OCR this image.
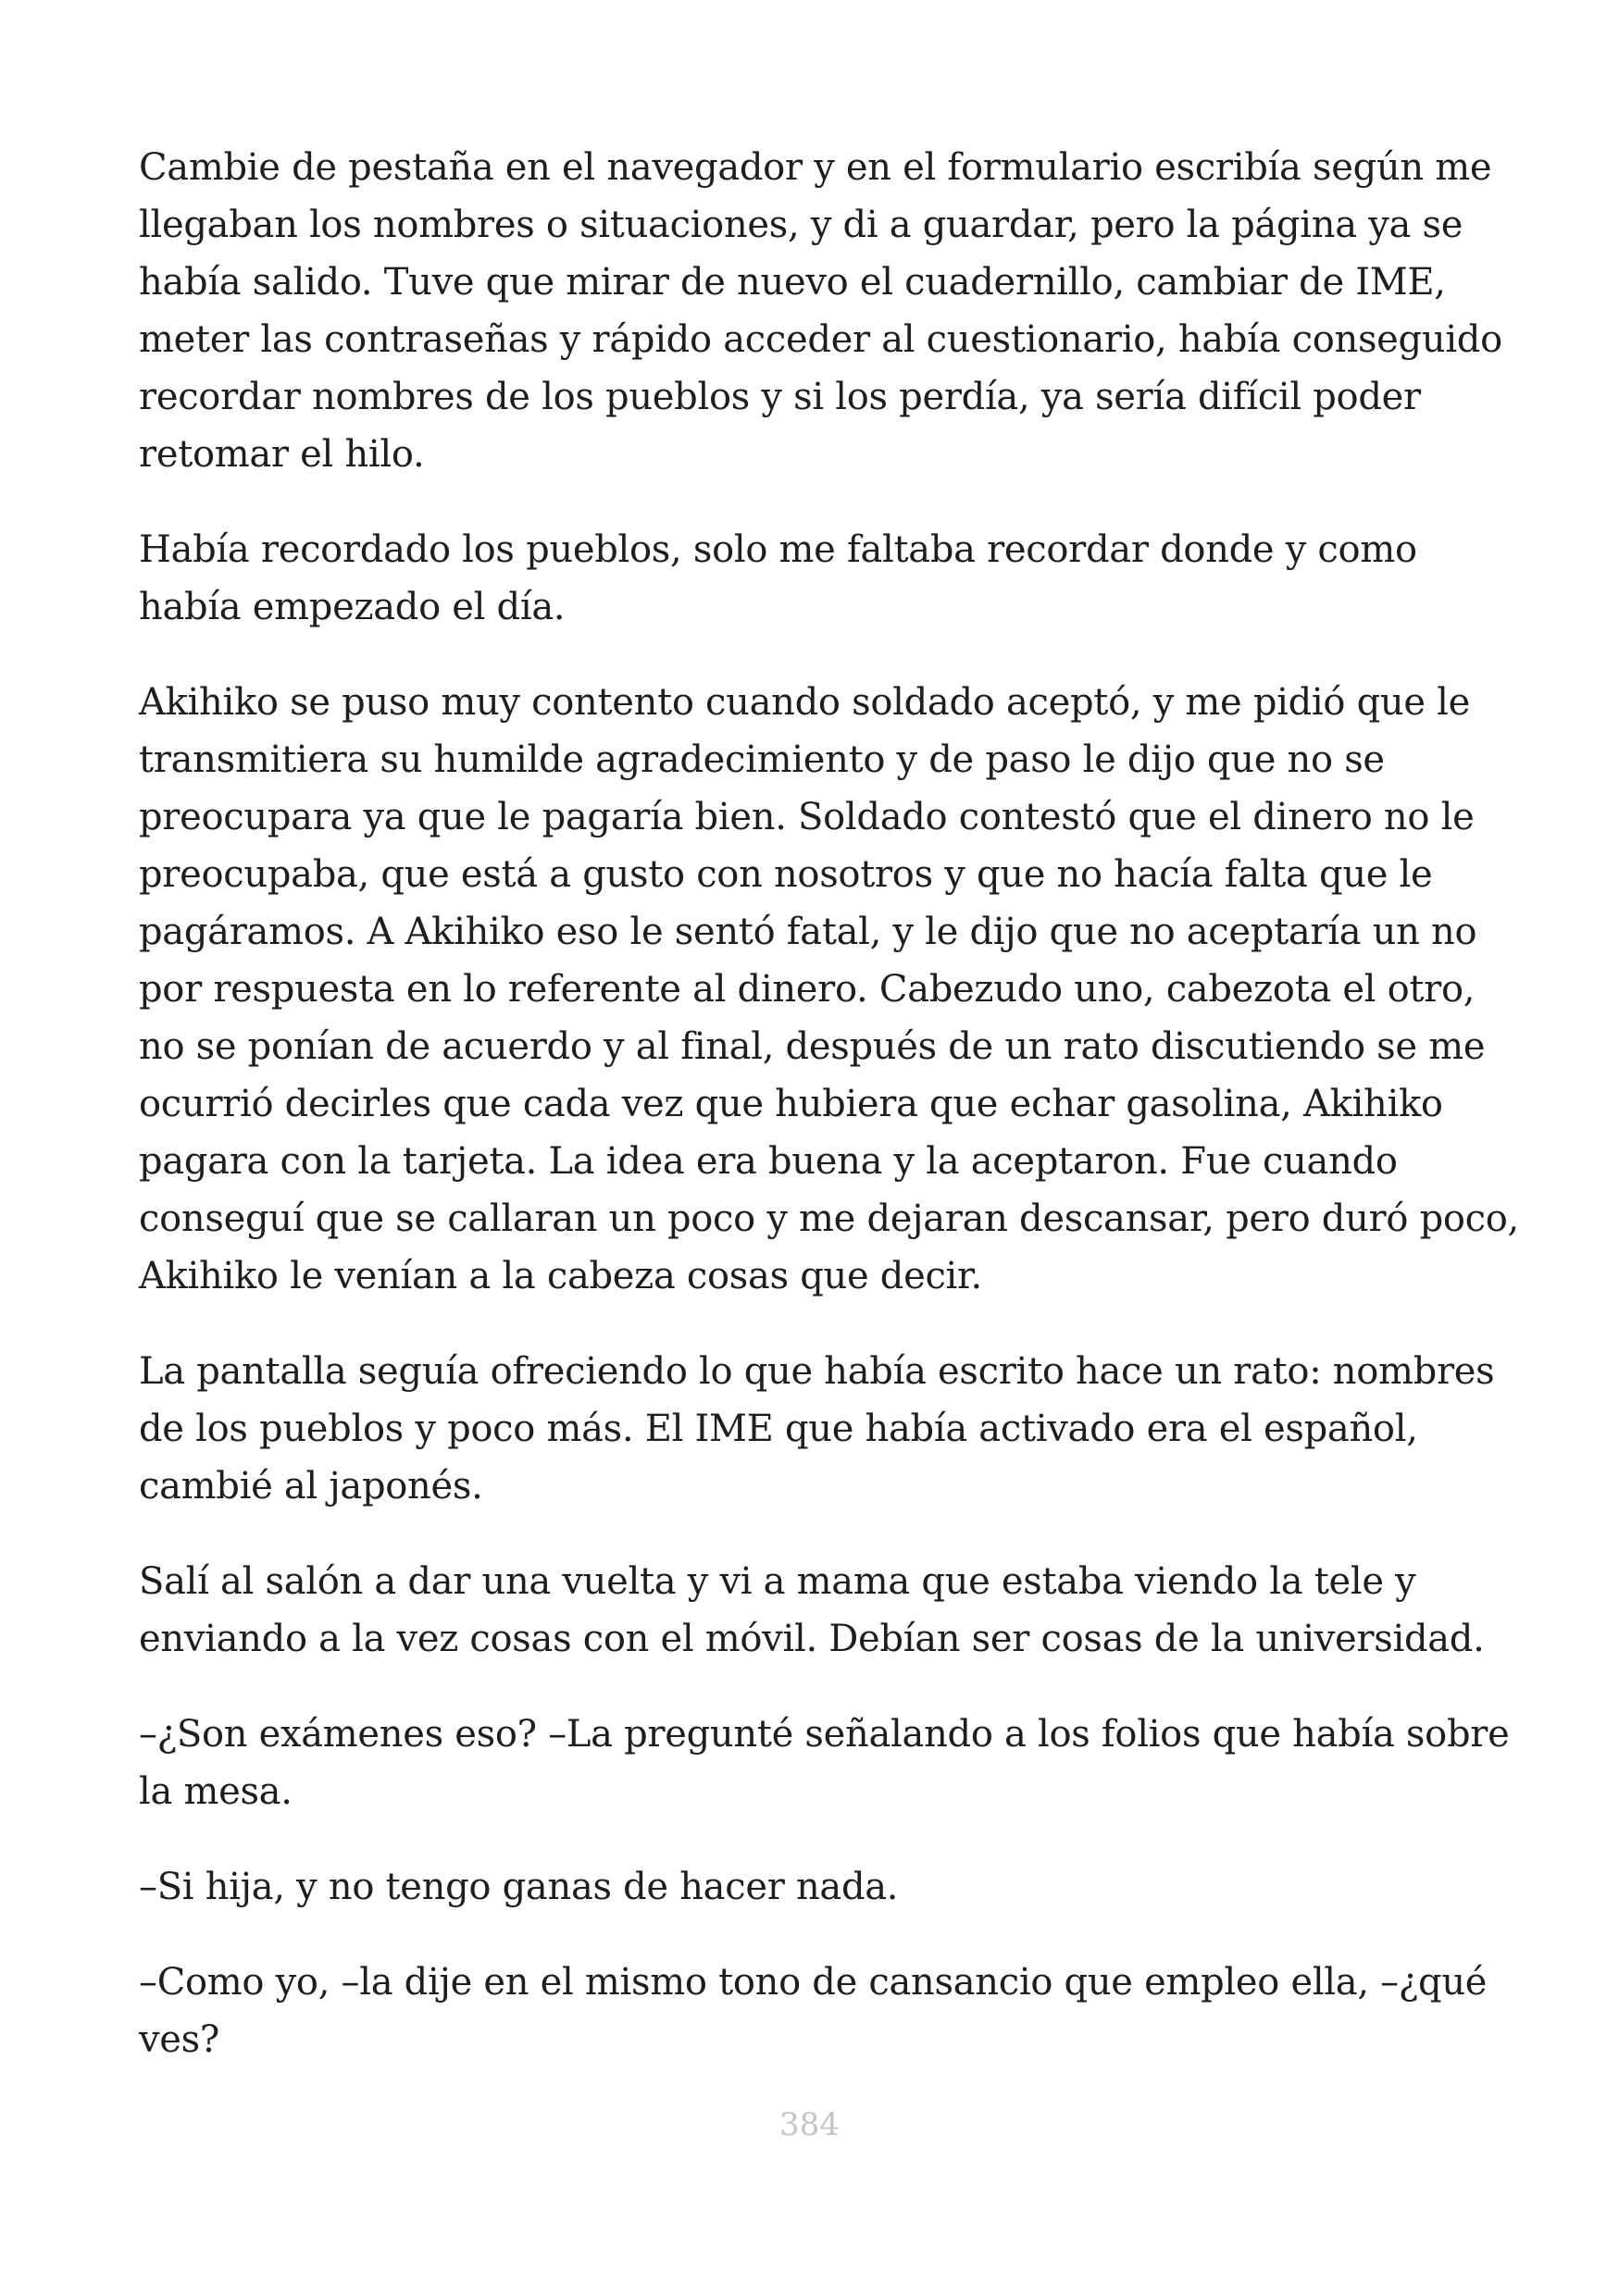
Cambie de pestaña en el navegador y en el formulario escribía según me
llegaban los nombres o situaciones, y di a guardar, pero la página ya se
había salido. Tuve que mirar de nuevo el cuadernillo, cambiar de IME,
meter las contraseñas y rápido acceder al cuestionario, había conseguido
recordar nombres de los pueblos y si los perdía, ya sería difícil poder
retomar el hilo.

Había recordado los pueblos, solo me faltaba recordar donde y como
había empezado el día.

Akihiko se puso muy contento cuando soldado aceptó, y me pidió que le
transmitiera su humilde agradecimiento y de paso le dijo que no se
preocupara ya que le pagaría bien. Soldado contestó que el dinero no le
preocupaba, que está a gusto con nosotros y que no hacía falta que le
pagáramos. A Akihiko eso le sentó fatal, y le dijo que no aceptaría un no
por respuesta en lo referente al dinero. Cabezudo uno, cabezota el otro,
no se ponían de acuerdo y al final, después de un rato discutiendo se me
ocurrió decirles que cada vez que hubiera que echar gasolina, Akihiko
pagara con la tarjeta. La idea era buena y la aceptaron. Fue cuando
conseguí que se callaran un poco y me dejaran descansar, pero duró poco,
Akihiko le venían a la cabeza cosas que decir.

La pantalla seguía ofreciendo lo que había escrito hace un rato: nombres
de los pueblos y poco más. El IME que había activado era el español,
cambié al japonés.

Salí al salón a dar una vuelta y vi a mama que estaba viendo la tele y
enviando a la vez cosas con el móvil. Debían ser cosas de la universidad.

–¿Son exámenes eso? –La pregunté señalando a los folios que había sobre
la mesa.

–Si hija, y no tengo ganas de hacer nada.

–Como yo, –la dije en el mismo tono de cansancio que empleo ella, –¿qué
ves?

384
